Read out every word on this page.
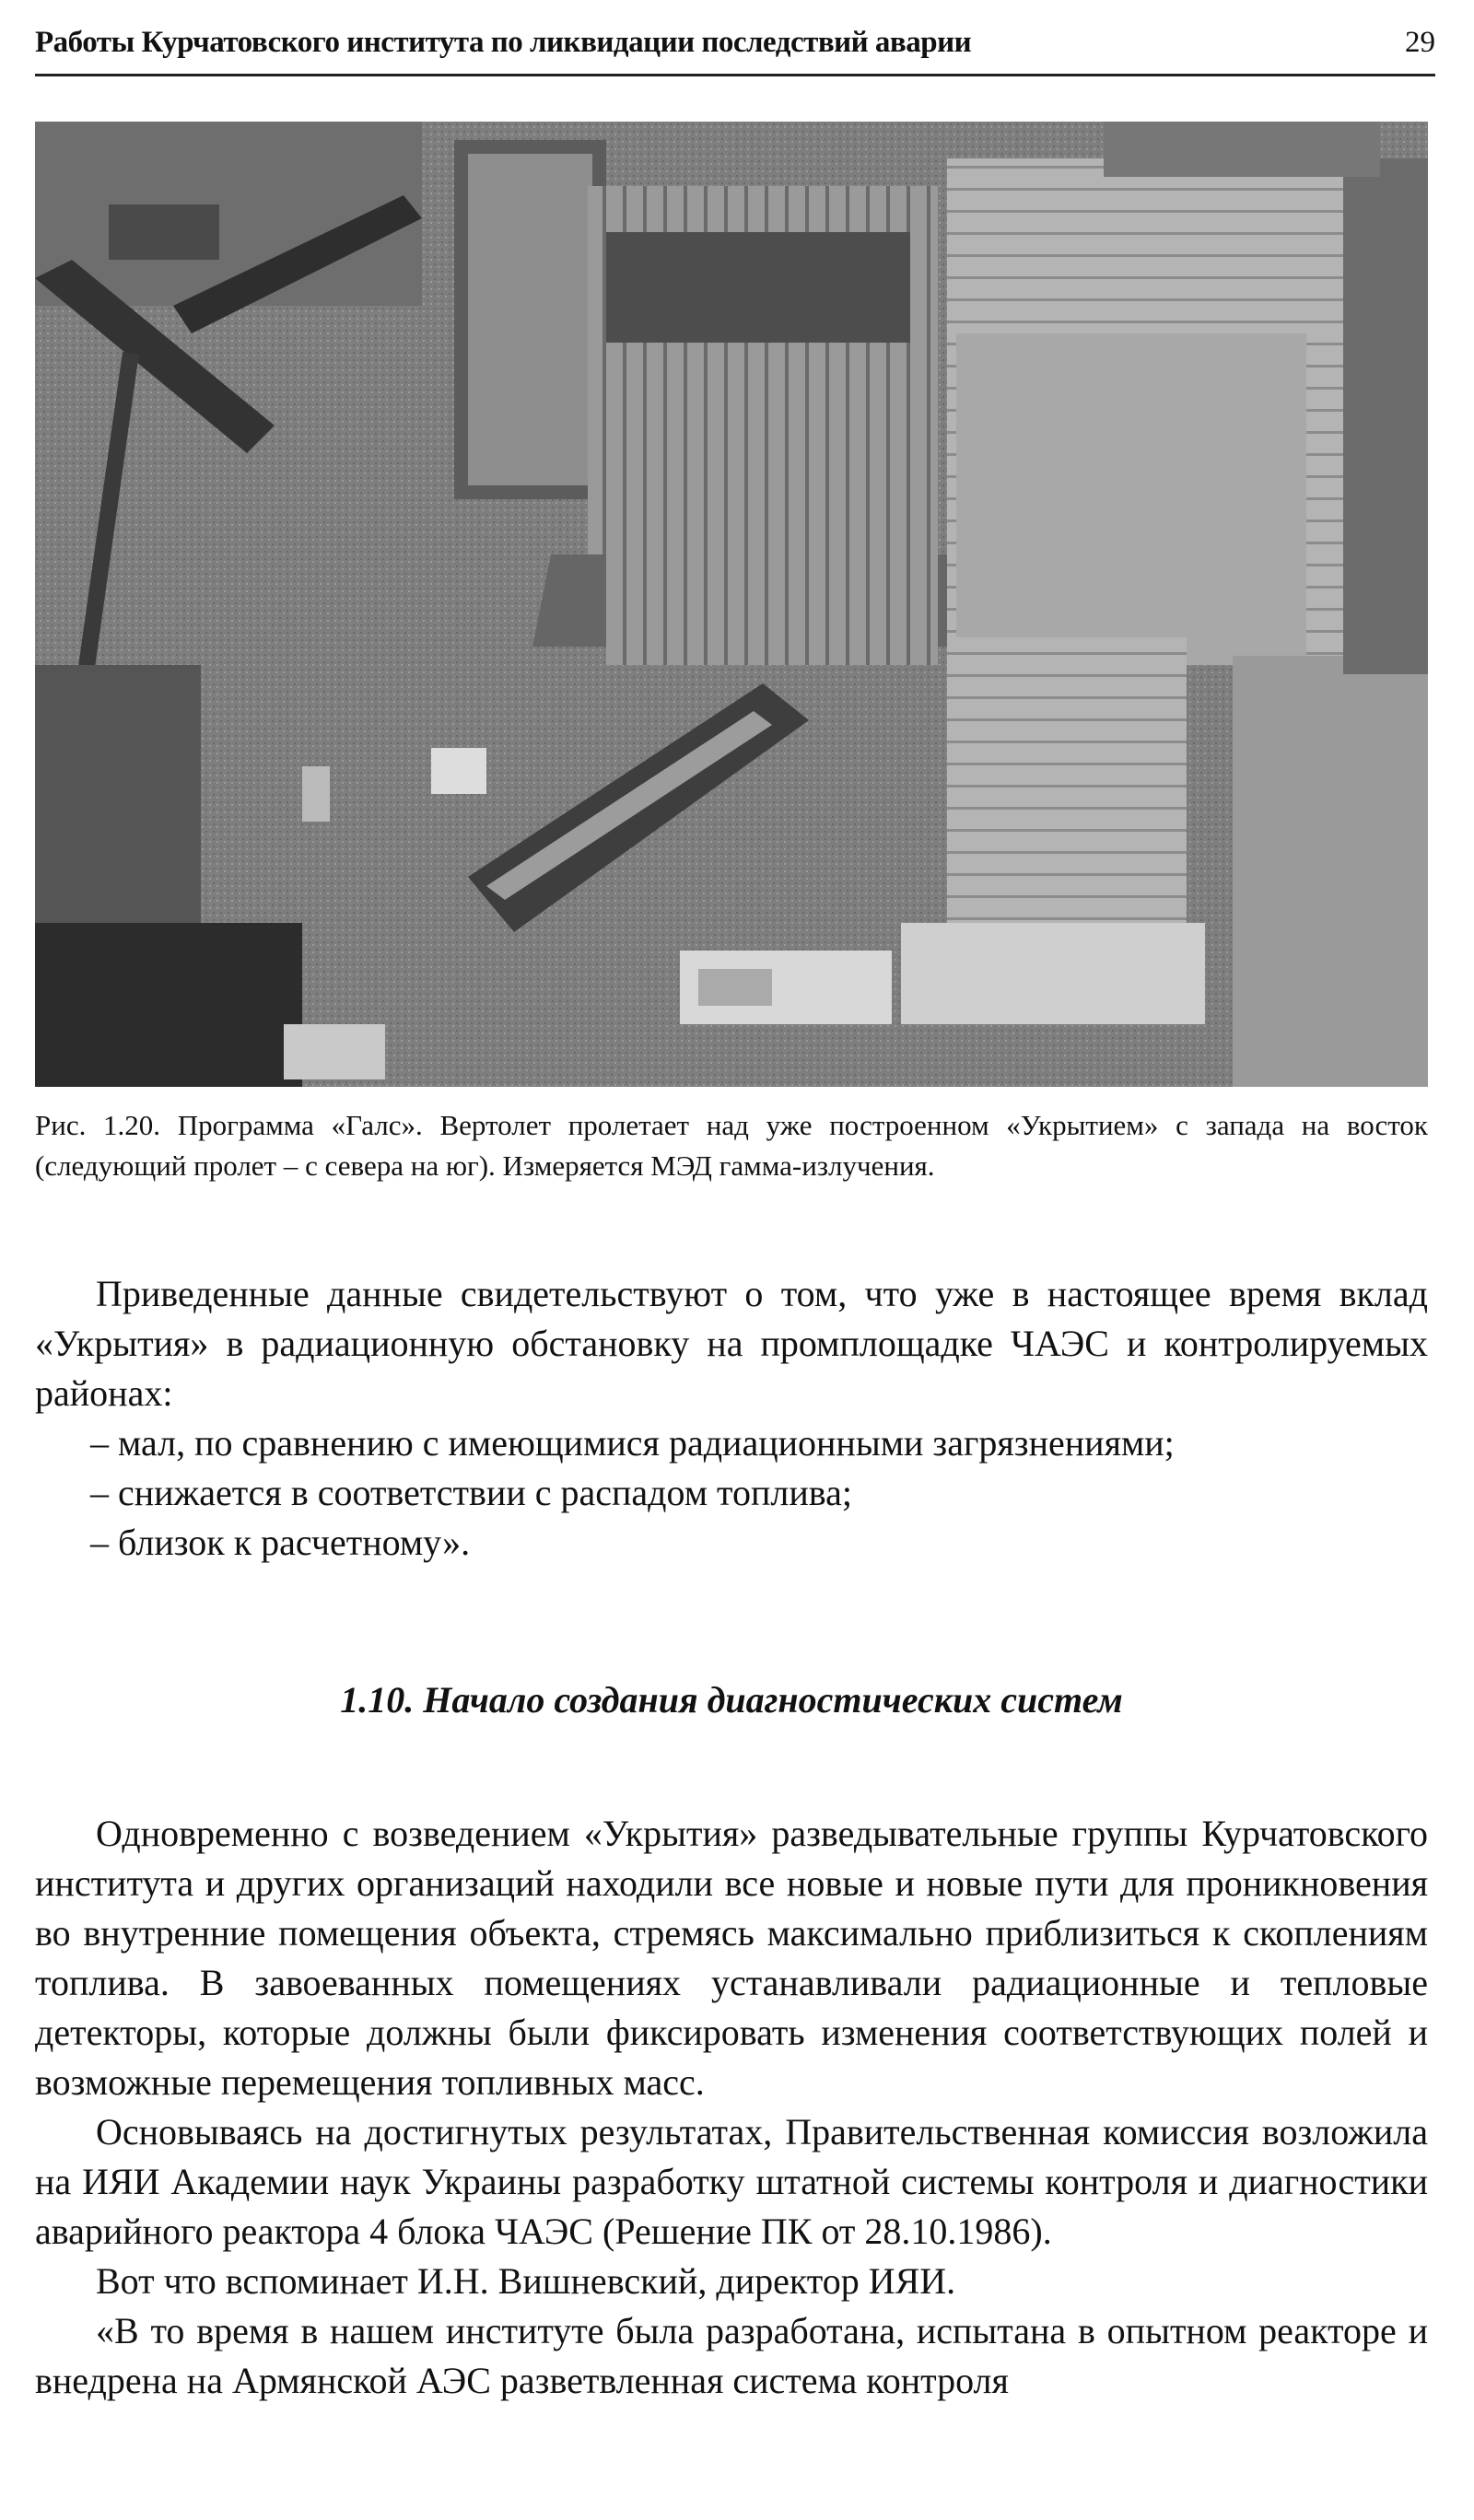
Работы Курчатовского института по ликвидации последствий аварии	29
Рис. 1.20. Программа «Галс». Вертолет пролетает над уже построенном «Укрытием» с запада на восток (следующий пролет – с севера на юг). Измеряется МЭД гамма-излучения.

Приведенные данные свидетельствуют о том, что уже в настоящее время вклад «Укрытия» в радиационную обстановку на промплощадке ЧАЭС и контролируемых районах:

– мал, по сравнению с имеющимися радиационными загрязнениями;

– снижается в соответствии с распадом топлива;

– близок к расчетному».

1.10. Начало создания диагностических систем

Одновременно с возведением «Укрытия» разведывательные группы Курчатовского института и других организаций находили все новые и новые пути для проникновения во внутренние помещения объекта, стремясь максимально приблизиться к скоплениям топлива. В завоеванных помещениях устанавливали радиационные и тепловые детекторы, которые должны были фиксировать изменения соответствующих полей и возможные перемещения топливных масс.

Основываясь на достигнутых результатах, Правительственная комиссия возложила на ИЯИ Академии наук Украины разработку штатной системы контроля и диагностики аварийного реактора 4 блока ЧАЭС (Решение ПК от 28.10.1986).

Вот что вспоминает И.Н. Вишневский, директор ИЯИ.

«В то время в нашем институте была разработана, испытана в опытном реакторе и внедрена на Армянской АЭС разветвленная система контроля
